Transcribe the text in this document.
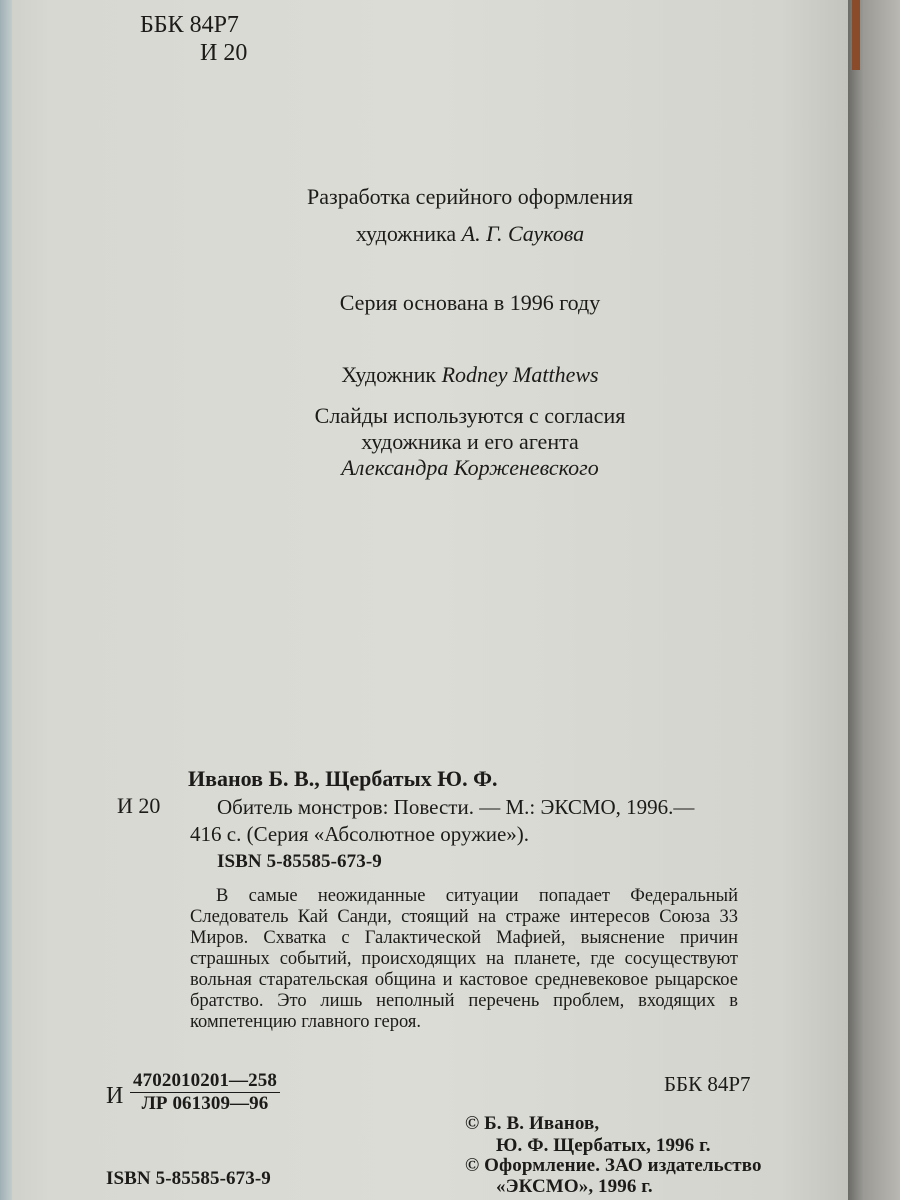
ББК 84Р7
И 20
Разработка серийного оформления
художника А. Г. Саукова
Серия основана в 1996 году
Художник Rodney Matthews
Слайды используются с согласия
художника и его агента
Александра Корженевского
Иванов Б. В., Щербатых Ю. Ф.
И 20	Обитель монстров: Повести. — М.: ЭКСМО, 1996.—
416 с. (Серия «Абсолютное оружие»).
ISBN 5-85585-673-9
В самые неожиданные ситуации попадает Федеральный Следователь Кай Санди, стоящий на страже интересов Союза 33 Миров. Схватка с Галактической Мафией, выяснение причин страшных событий, происходящих на планете, где сосуществуют вольная старательская община и кастовое средневековое рыцарское братство. Это лишь неполный перечень проблем, входящих в компетенцию главного героя.
И
4702010201—258
ЛР 061309—96
ББК 84Р7
© Б. В. Иванов,
Ю. Ф. Щербатых, 1996 г.
© Оформление. ЗАО издательство
«ЭКСМО», 1996 г.
ISBN 5-85585-673-9
